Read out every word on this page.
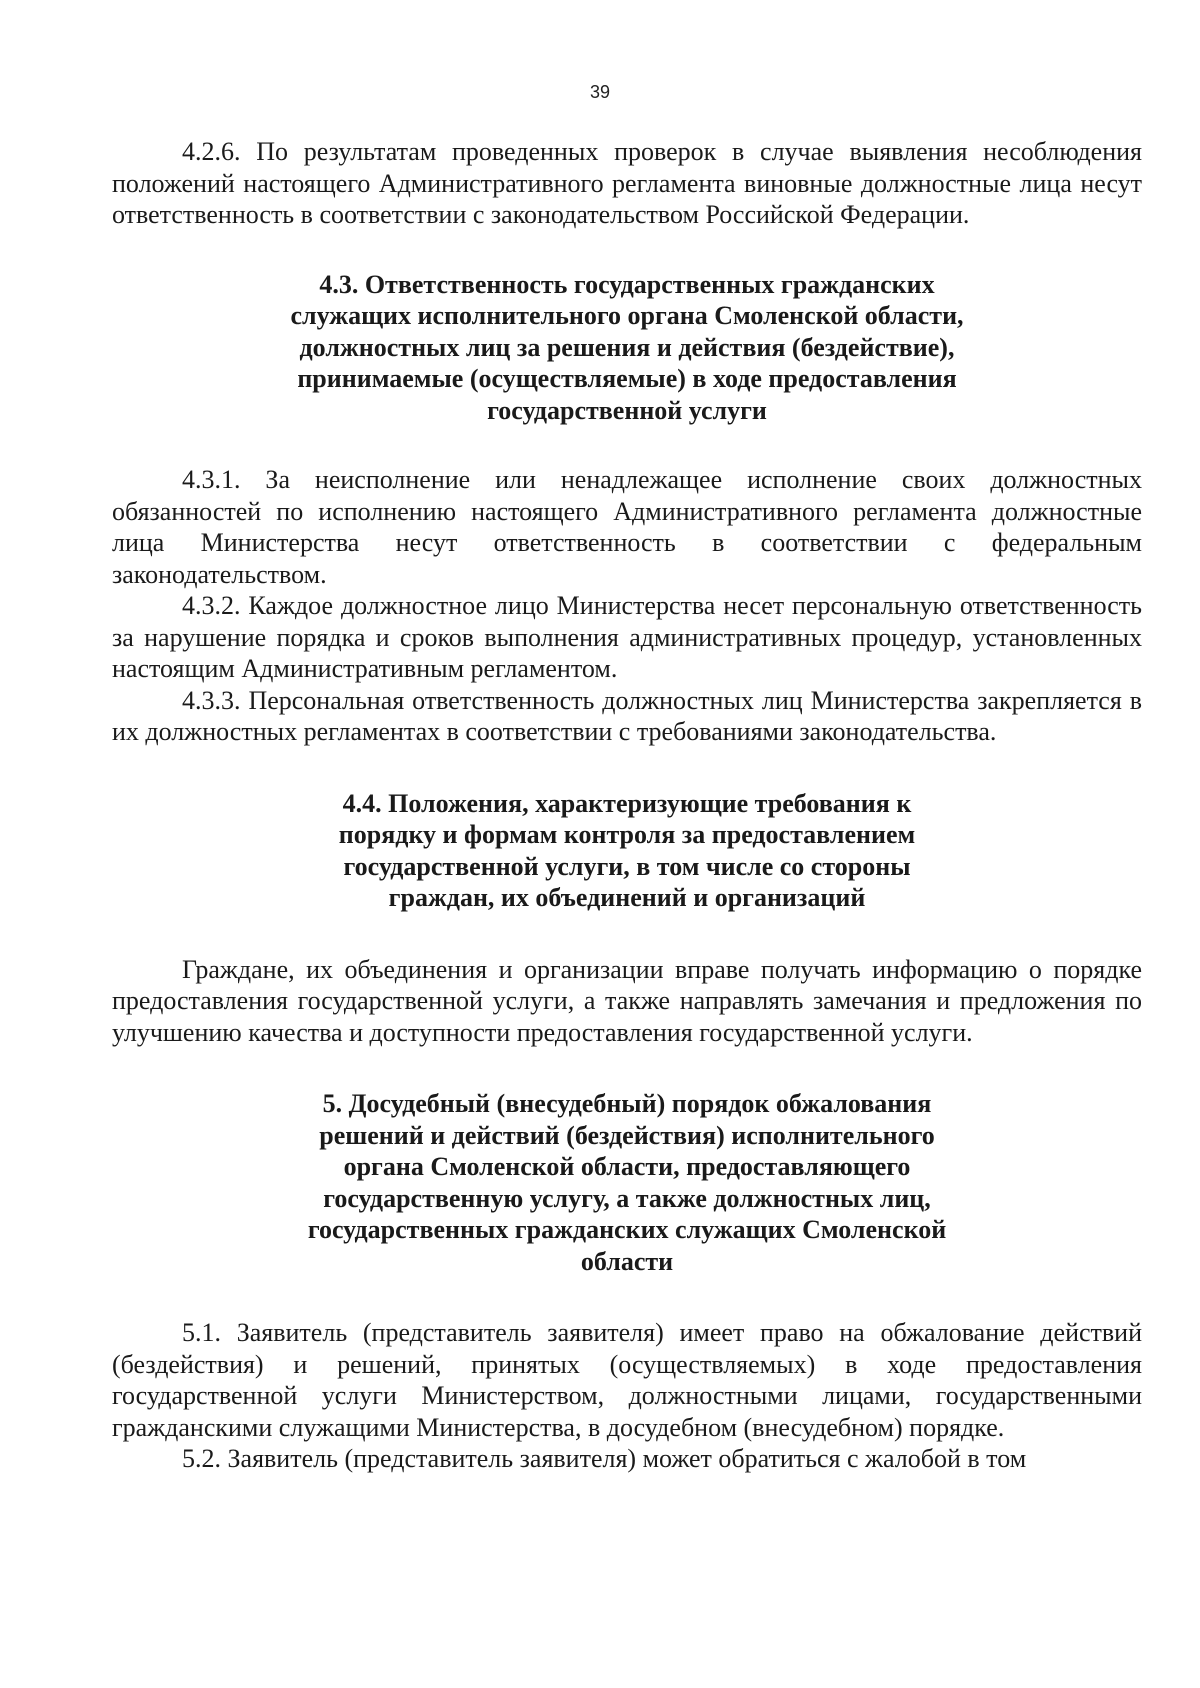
39

4.2.6. По результатам проведенных проверок в случае выявления несоблюдения положений настоящего Административного регламента виновные должностные лица несут ответственность в соответствии с законодательством Российской Федерации.

4.3. Ответственность государственных гражданских служащих исполнительного органа Смоленской области, должностных лиц за решения и действия (бездействие), принимаемые (осуществляемые) в ходе предоставления государственной услуги

4.3.1. За неисполнение или ненадлежащее исполнение своих должностных обязанностей по исполнению настоящего Административного регламента должностные лица Министерства несут ответственность в соответствии с федеральным законодательством.

4.3.2. Каждое должностное лицо Министерства несет персональную ответственность за нарушение порядка и сроков выполнения административных процедур, установленных настоящим Административным регламентом.

4.3.3. Персональная ответственность должностных лиц Министерства закрепляется в их должностных регламентах в соответствии с требованиями законодательства.

4.4. Положения, характеризующие требования к порядку и формам контроля за предоставлением государственной услуги, в том числе со стороны граждан, их объединений и организаций

Граждане, их объединения и организации вправе получать информацию о порядке предоставления государственной услуги, а также направлять замечания и предложения по улучшению качества и доступности предоставления государственной услуги.

5. Досудебный (внесудебный) порядок обжалования решений и действий (бездействия) исполнительного органа Смоленской области, предоставляющего государственную услугу, а также должностных лиц, государственных гражданских служащих Смоленской области

5.1. Заявитель (представитель заявителя) имеет право на обжалование действий (бездействия) и решений, принятых (осуществляемых) в ходе предоставления государственной услуги Министерством, должностными лицами, государственными гражданскими служащими Министерства, в досудебном (внесудебном) порядке.

5.2. Заявитель (представитель заявителя) может обратиться с жалобой в том
